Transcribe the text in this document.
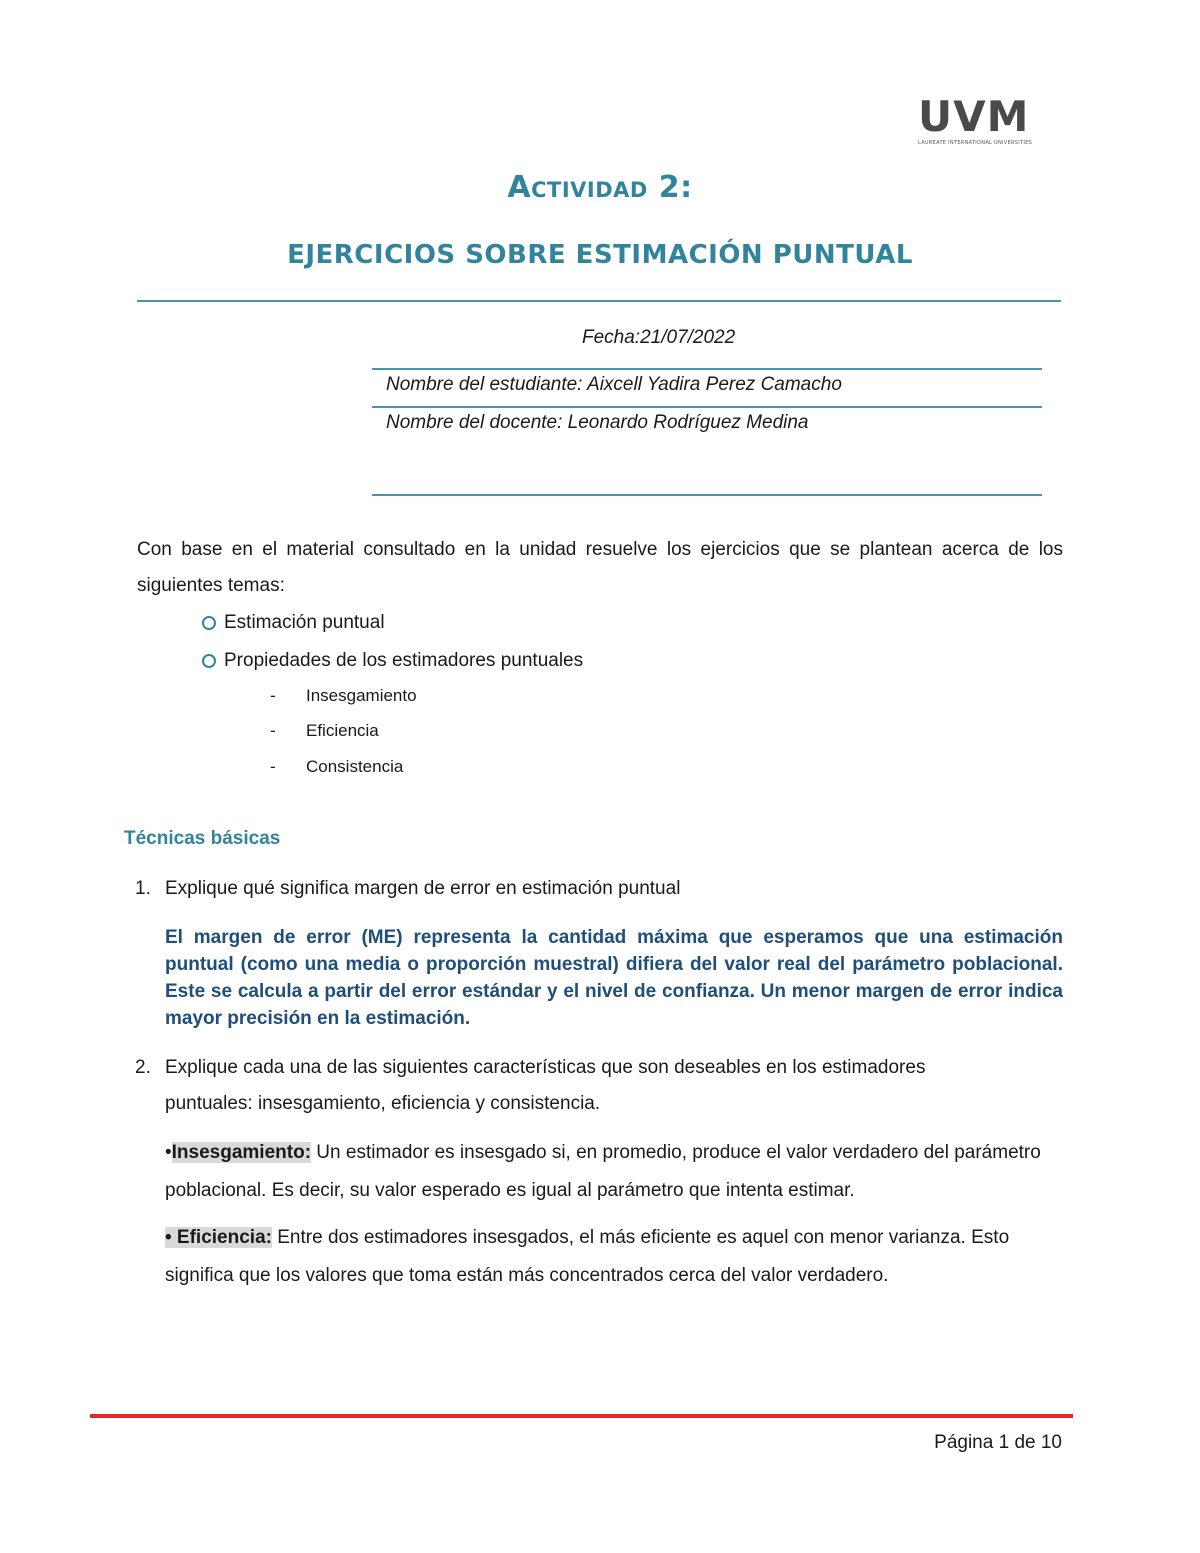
UVM
LAUREATE INTERNATIONAL UNIVERSITIES
Actividad 2:
EJERCICIOS SOBRE ESTIMACIÓN PUNTUAL
Fecha:21/07/2022
Nombre del estudiante: Aixcell Yadira Perez Camacho
Nombre del docente: Leonardo Rodríguez Medina
Con base en el material consultado en la unidad resuelve los ejercicios que se plantean acerca de los siguientes temas:
Estimación puntual
Propiedades de los estimadores puntuales
- Insesgamiento
- Eficiencia
- Consistencia
Técnicas básicas
1. Explique qué significa margen de error en estimación puntual
El margen de error (ME) representa la cantidad máxima que esperamos que una estimación puntual (como una media o proporción muestral) difiera del valor real del parámetro poblacional. Este se calcula a partir del error estándar y el nivel de confianza. Un menor margen de error indica mayor precisión en la estimación.
2. Explique cada una de las siguientes características que son deseables en los estimadores
puntuales: insesgamiento, eficiencia y consistencia.
•Insesgamiento: Un estimador es insesgado si, en promedio, produce el valor verdadero del parámetro poblacional. Es decir, su valor esperado es igual al parámetro que intenta estimar.
• Eficiencia: Entre dos estimadores insesgados, el más eficiente es aquel con menor varianza. Esto significa que los valores que toma están más concentrados cerca del valor verdadero.
Página 1 de 10
